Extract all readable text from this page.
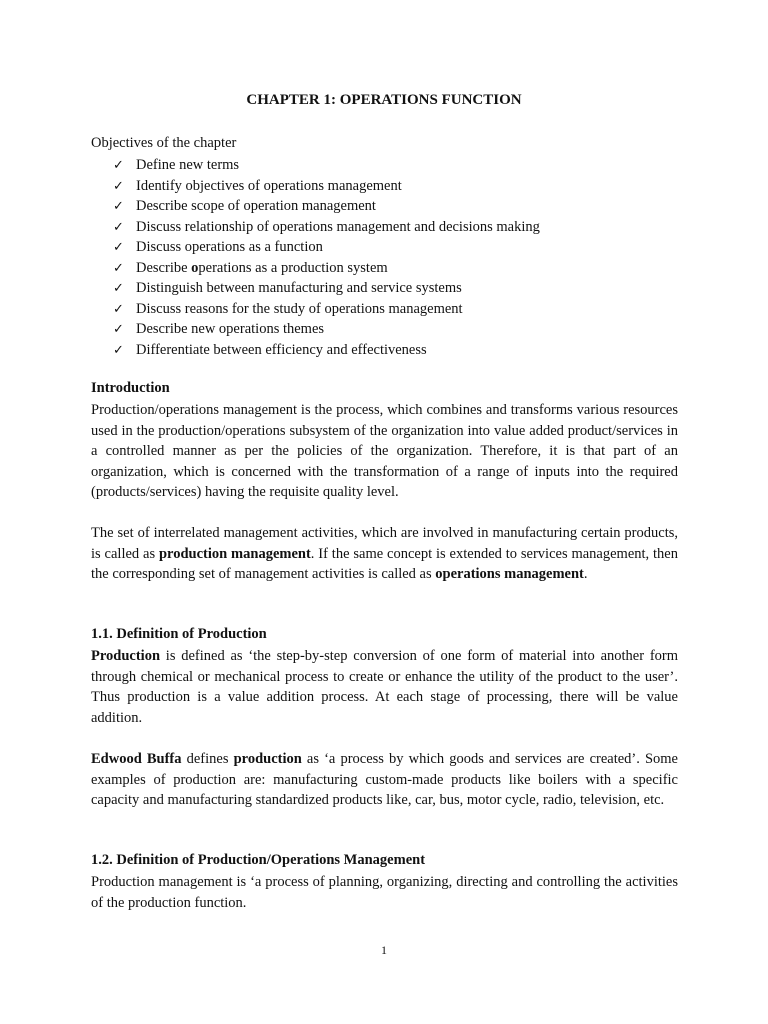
CHAPTER 1: OPERATIONS FUNCTION
Objectives of the chapter
✓ Define new terms
✓ Identify objectives of operations management
✓ Describe scope of operation management
✓ Discuss relationship of operations management and decisions making
✓ Discuss operations as a function
✓ Describe operations as a production system
✓ Distinguish between manufacturing and service systems
✓ Discuss reasons for the study of operations management
✓ Describe new operations themes
✓ Differentiate between efficiency and effectiveness
Introduction

Production/operations management is the process, which combines and transforms various resources used in the production/operations subsystem of the organization into value added product/services in a controlled manner as per the policies of the organization. Therefore, it is that part of an organization, which is concerned with the transformation of a range of inputs into the required (products/services) having the requisite quality level.

The set of interrelated management activities, which are involved in manufacturing certain products, is called as production management. If the same concept is extended to services management, then the corresponding set of management activities is called as operations management.

1.1. Definition of Production

Production is defined as ‘the step-by-step conversion of one form of material into another form through chemical or mechanical process to create or enhance the utility of the product to the user’. Thus production is a value addition process. At each stage of processing, there will be value addition.

Edwood Buffa defines production as ‘a process by which goods and services are created’. Some examples of production are: manufacturing custom-made products like boilers with a specific capacity and manufacturing standardized products like, car, bus, motor cycle, radio, television, etc.

1.2. Definition of Production/Operations Management

Production management is ‘a process of planning, organizing, directing and controlling the activities of the production function.

1
